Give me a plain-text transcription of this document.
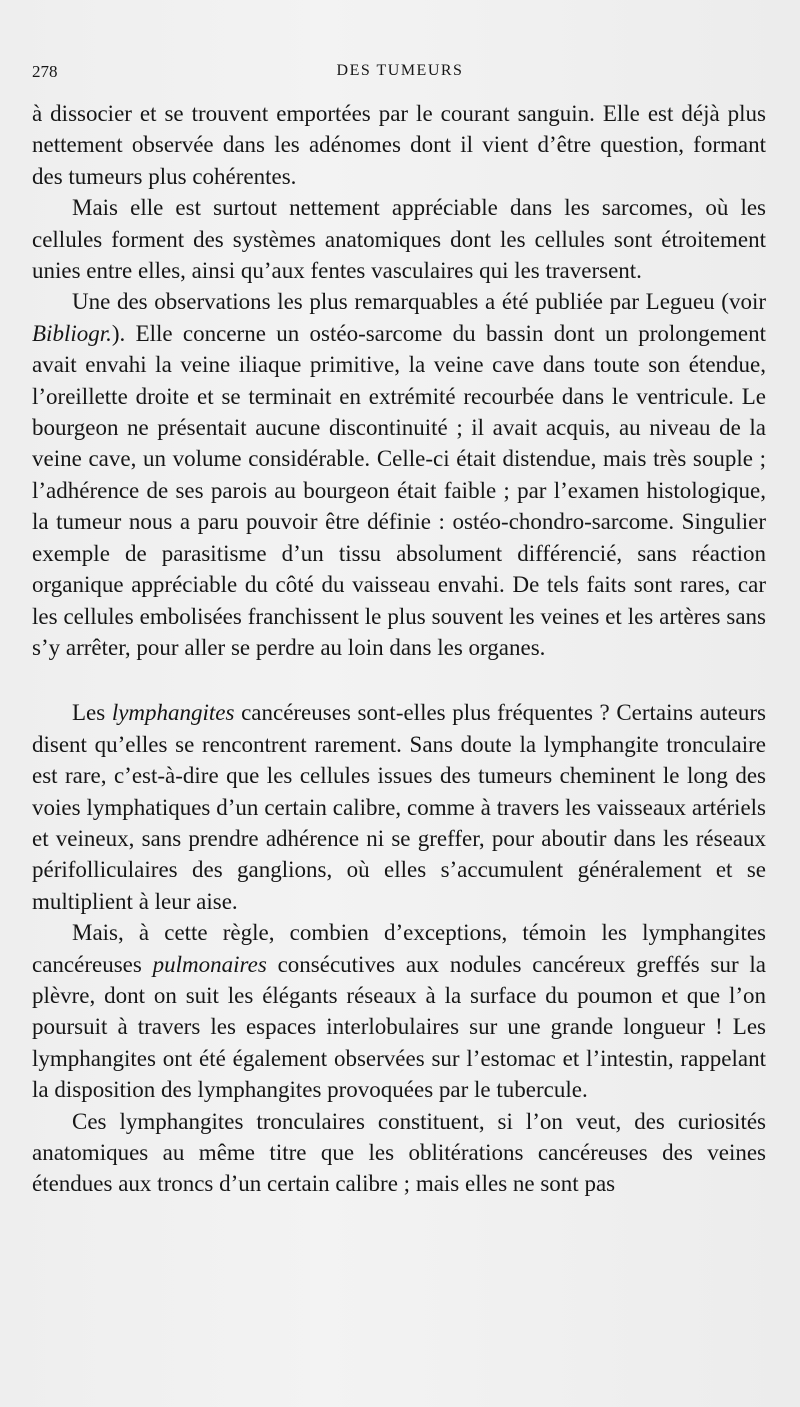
278	DES TUMEURS

à dissocier et se trouvent emportées par le courant sanguin. Elle est déjà plus nettement observée dans les adénomes dont il vient d’être question, formant des tumeurs plus cohérentes.

Mais elle est surtout nettement appréciable dans les sarcomes, où les cellules forment des systèmes anatomiques dont les cellules sont étroitement unies entre elles, ainsi qu’aux fentes vasculaires qui les traversent.

Une des observations les plus remarquables a été publiée par Legueu (voir Bibliogr.). Elle concerne un ostéo-sarcome du bassin dont un prolongement avait envahi la veine iliaque primitive, la veine cave dans toute son étendue, l’oreillette droite et se terminait en extrémité recourbée dans le ventricule. Le bourgeon ne présentait aucune discontinuité ; il avait acquis, au niveau de la veine cave, un volume considérable. Celle-ci était distendue, mais très souple ; l’adhérence de ses parois au bourgeon était faible ; par l’examen histologique, la tumeur nous a paru pouvoir être définie : ostéo-chondro-sarcome. Singulier exemple de parasitisme d’un tissu absolument différencié, sans réaction organique appréciable du côté du vaisseau envahi. De tels faits sont rares, car les cellules embolisées franchissent le plus souvent les veines et les artères sans s’y arrêter, pour aller se perdre au loin dans les organes.

Les lymphangites cancéreuses sont-elles plus fréquentes ? Certains auteurs disent qu’elles se rencontrent rarement. Sans doute la lymphangite tronculaire est rare, c’est-à-dire que les cellules issues des tumeurs cheminent le long des voies lymphatiques d’un certain calibre, comme à travers les vaisseaux artériels et veineux, sans prendre adhérence ni se greffer, pour aboutir dans les réseaux périfolliculaires des ganglions, où elles s’accumulent généralement et se multiplient à leur aise.

Mais, à cette règle, combien d’exceptions, témoin les lymphangites cancéreuses pulmonaires consécutives aux nodules cancéreux greffés sur la plèvre, dont on suit les élégants réseaux à la surface du poumon et que l’on poursuit à travers les espaces interlobulaires sur une grande longueur ! Les lymphangites ont été également observées sur l’estomac et l’intestin, rappelant la disposition des lymphangites provoquées par le tubercule.

Ces lymphangites tronculaires constituent, si l’on veut, des curiosités anatomiques au même titre que les oblitérations cancéreuses des veines étendues aux troncs d’un certain calibre ; mais elles ne sont pas
